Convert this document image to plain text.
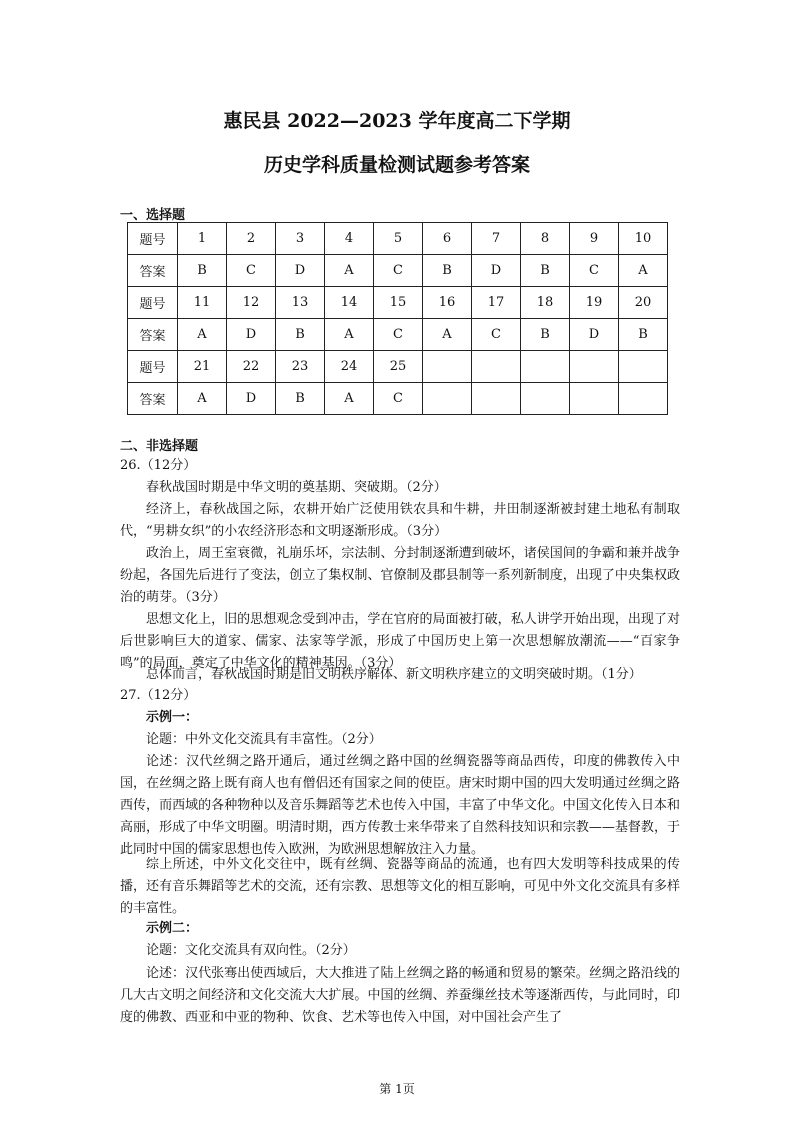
惠民县 2022—2023 学年度高二下学期
历史学科质量检测试题参考答案
一、选择题
题号	1	2	3	4	5	6	7	8	9	10
答案	B	C	D	A	C	B	D	B	C	A
题号	11	12	13	14	15	16	17	18	19	20
答案	A	D	B	A	C	A	C	B	D	B
题号	21	22	23	24	25					
答案	A	D	B	A	C					
二、非选择题
26.（12分）
春秋战国时期是中华文明的奠基期、突破期。（2分）
经济上，春秋战国之际，农耕开始广泛使用铁农具和牛耕，井田制逐渐被封建土地私有制取代，“男耕女织”的小农经济形态和文明逐渐形成。（3分）
政治上，周王室衰微，礼崩乐坏，宗法制、分封制逐渐遭到破坏，诸侯国间的争霸和兼并战争纷起，各国先后进行了变法，创立了集权制、官僚制及郡县制等一系列新制度，出现了中央集权政治的萌芽。（3分）
思想文化上，旧的思想观念受到冲击，学在官府的局面被打破，私人讲学开始出现，出现了对后世影响巨大的道家、儒家、法家等学派，形成了中国历史上第一次思想解放潮流——“百家争鸣”的局面，奠定了中华文化的精神基因。（3分）
总体而言，春秋战国时期是旧文明秩序解体、新文明秩序建立的文明突破时期。（1分）
27.（12分）
示例一：
论题：中外文化交流具有丰富性。（2分）
论述：汉代丝绸之路开通后，通过丝绸之路中国的丝绸瓷器等商品西传，印度的佛教传入中国，在丝绸之路上既有商人也有僧侣还有国家之间的使臣。唐宋时期中国的四大发明通过丝绸之路西传，而西域的各种物种以及音乐舞蹈等艺术也传入中国，丰富了中华文化。中国文化传入日本和高丽，形成了中华文明圈。明清时期，西方传教士来华带来了自然科技知识和宗教——基督教，于此同时中国的儒家思想也传入欧洲，为欧洲思想解放注入力量。
综上所述，中外文化交往中，既有丝绸、瓷器等商品的流通，也有四大发明等科技成果的传播，还有音乐舞蹈等艺术的交流，还有宗教、思想等文化的相互影响，可见中外文化交流具有多样的丰富性。
示例二：
论题：文化交流具有双向性。（2分）
论述：汉代张骞出使西域后，大大推进了陆上丝绸之路的畅通和贸易的繁荣。丝绸之路沿线的几大古文明之间经济和文化交流大大扩展。中国的丝绸、养蚕缫丝技术等逐渐西传，与此同时，印度的佛教、西亚和中亚的物种、饮食、艺术等也传入中国，对中国社会产生了
第 1页
